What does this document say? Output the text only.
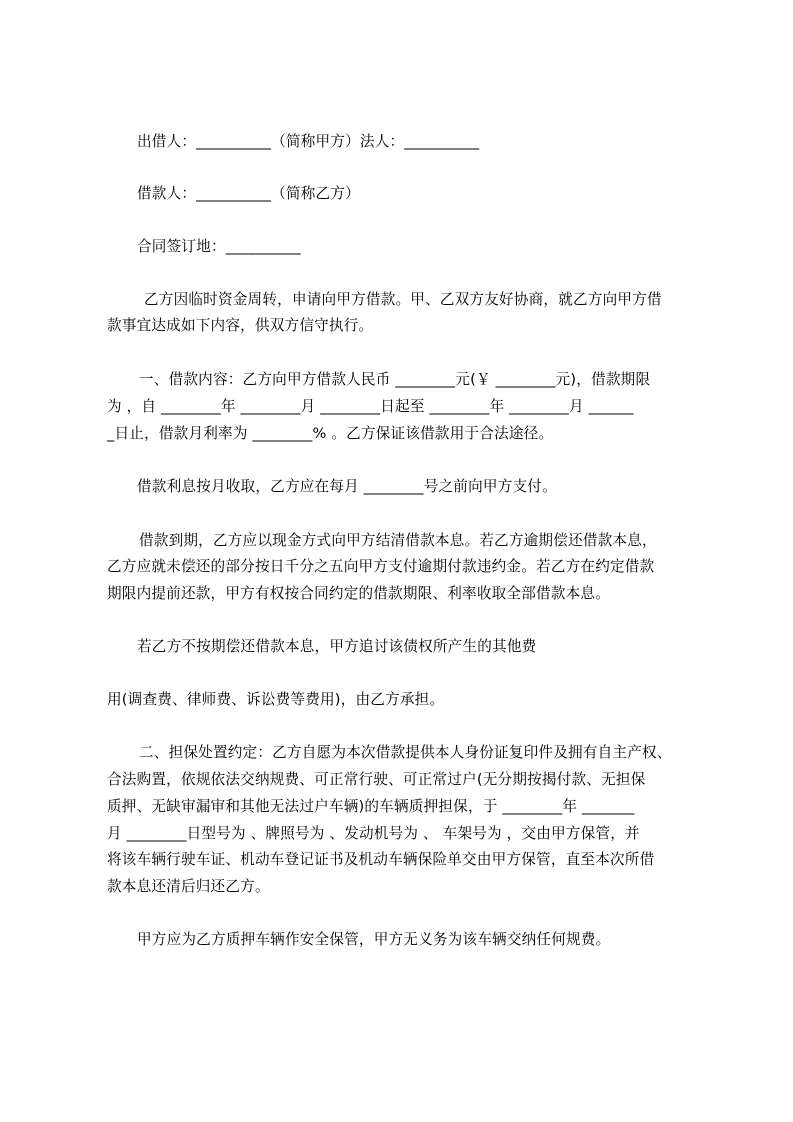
出借人：__________（简称甲方）法人：__________
借款人：__________（简称乙方）
合同签订地：__________
乙方因临时资金周转，申请向甲方借款。甲、乙双方友好协商，就乙方向甲方借
款事宜达成如下内容，供双方信守执行。
一、借款内容：乙方向甲方借款人民币 ________元(￥ ________元)，借款期限
为 ，自 ________年 ________月 ________日起至 ________年 ________月 ______
_日止，借款月利率为 ________% 。乙方保证该借款用于合法途径。
借款利息按月收取，乙方应在每月 ________号之前向甲方支付。
借款到期，乙方应以现金方式向甲方结清借款本息。若乙方逾期偿还借款本息，
乙方应就未偿还的部分按日千分之五向甲方支付逾期付款违约金。若乙方在约定借款
期限内提前还款，甲方有权按合同约定的借款期限、利率收取全部借款本息。
若乙方不按期偿还借款本息，甲方追讨该债权所产生的其他费
用(调查费、律师费、诉讼费等费用)，由乙方承担。
二、担保处置约定：乙方自愿为本次借款提供本人身份证复印件及拥有自主产权、
合法购置，依规依法交纳规费、可正常行驶、可正常过户(无分期按揭付款、无担保
质押、无缺审漏审和其他无法过户车辆)的车辆质押担保，于 ________年 _______
月 ________日型号为 、牌照号为 、发动机号为 、 车架号为 ，交由甲方保管，并
将该车辆行驶车证、机动车登记证书及机动车辆保险单交由甲方保管，直至本次所借
款本息还清后归还乙方。
甲方应为乙方质押车辆作安全保管，甲方无义务为该车辆交纳任何规费。
